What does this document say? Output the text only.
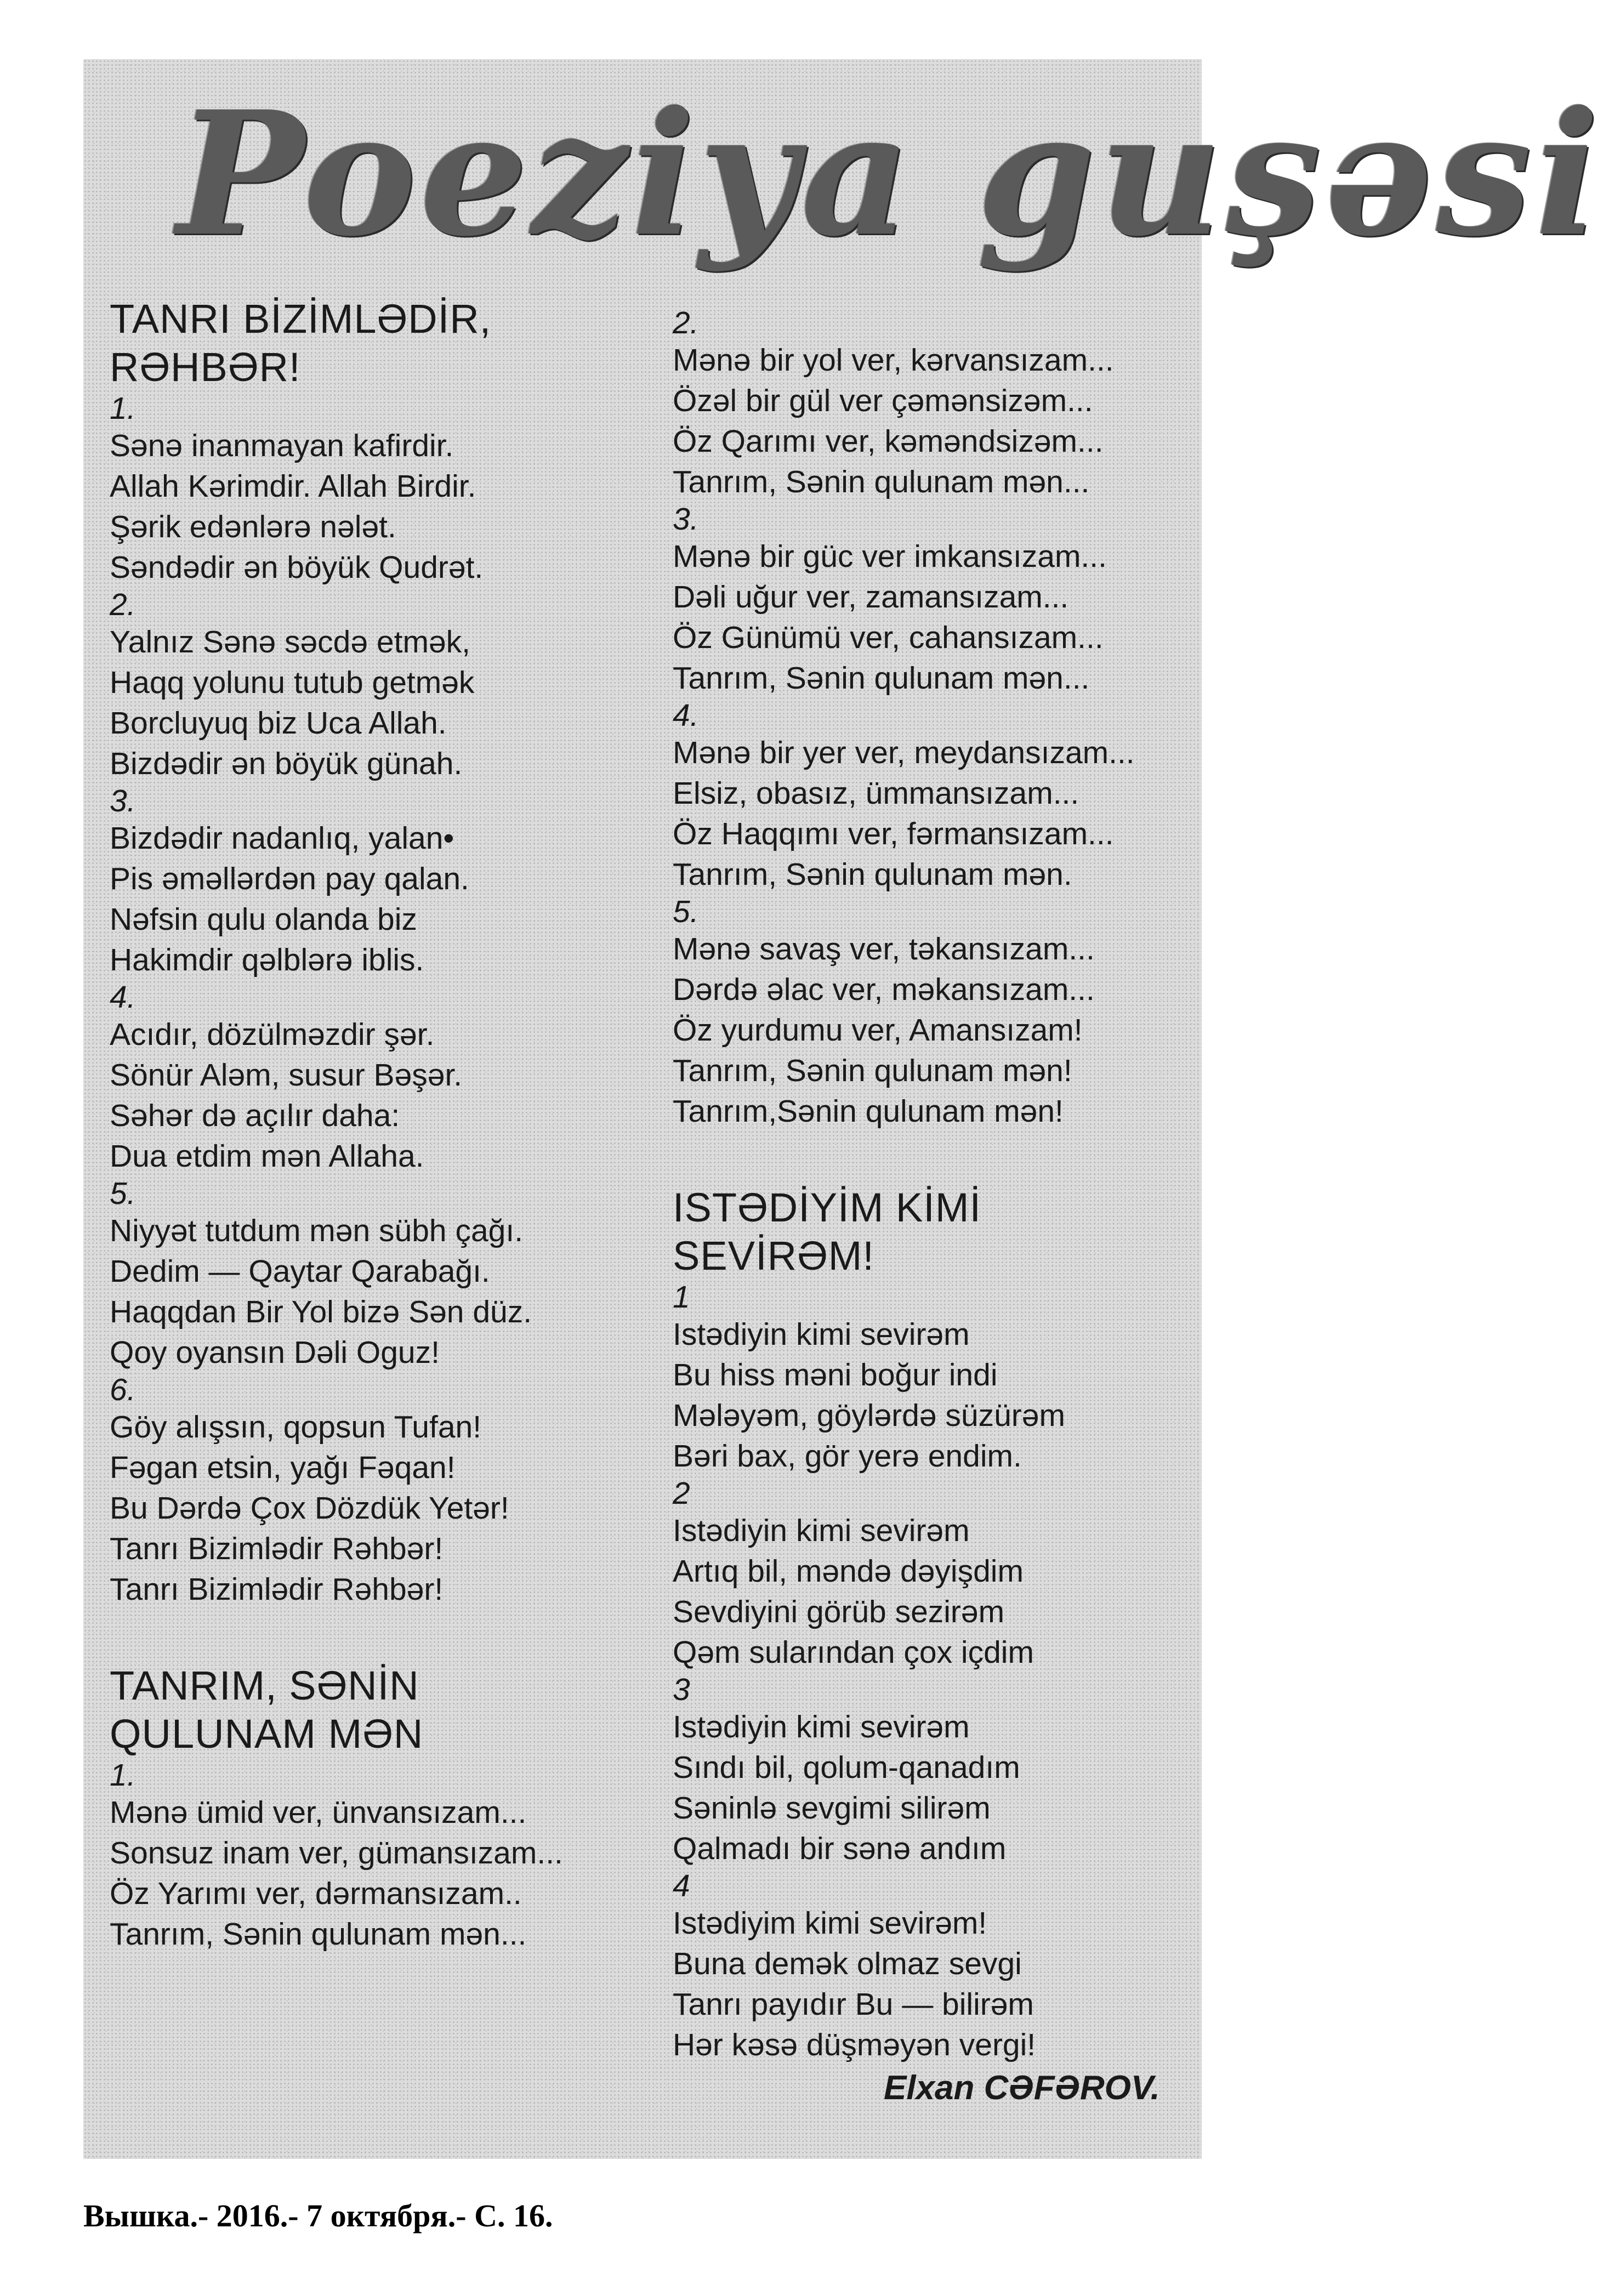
Poeziya guşəsi

TANRI BİZİMLƏDİR,

RƏHBƏR!

1.

Sənə inanmayan kafirdir.

Allah Kərimdir. Allah Birdir.

Şərik edənlərə nələt.

Səndədir ən böyük Qudrət.

2.

Yalnız Sənə səcdə etmək,

Haqq yolunu tutub getmək

Borcluyuq biz Uca Allah.

Bizdədir ən böyük günah.

3.

Bizdədir nadanlıq, yalan•

Pis əməllərdən pay qalan.

Nəfsin qulu olanda biz

Hakimdir qəlblərə iblis.

4.

Acıdır, dözülməzdir şər.

Sönür Aləm, susur Bəşər.

Səhər də açılır daha:

Dua etdim mən Allaha.

5.

Niyyət tutdum mən sübh çağı.

Dedim — Qaytar Qarabağı.

Haqqdan Bir Yol bizə Sən düz.

Qoy oyansın Dəli Oguz!

6.

Göy alışsın, qopsun Tufan!

Fəgan etsin, yağı Fəqan!

Bu Dərdə Çox Dözdük Yetər!

Tanrı Bizimlədir Rəhbər!

Tanrı Bizimlədir Rəhbər!

TANRIM, SƏNİN

QULUNAM MƏN

1.

Mənə ümid ver, ünvansızam...

Sonsuz inam ver, gümansızam...

Öz Yarımı ver, dərmansızam..

Tanrım, Sənin qulunam mən...

2.

Mənə bir yol ver, kərvansızam...

Özəl bir gül ver çəmənsizəm...

Öz Qarımı ver, kəməndsizəm...

Tanrım, Sənin qulunam mən...

3.

Mənə bir güc ver imkansızam...

Dəli uğur ver, zamansızam...

Öz Günümü ver, cahansızam...

Tanrım, Sənin qulunam mən...

4.

Mənə bir yer ver, meydansızam...

Elsiz, obasız, ümmansızam...

Öz Haqqımı ver, fərmansızam...

Tanrım, Sənin qulunam mən.

5.

Mənə savaş ver, təkansızam...

Dərdə əlac ver, məkansızam...

Öz yurdumu ver, Amansızam!

Tanrım, Sənin qulunam mən!

Tanrım,Sənin qulunam mən!

ISTƏDİYİM KİMİ

SEVİRƏM!

1

Istədiyin kimi sevirəm

Bu hiss məni boğur indi

Mələyəm, göylərdə süzürəm

Bəri bax, gör yerə endim.

2

Istədiyin kimi sevirəm

Artıq bil, məndə dəyişdim

Sevdiyini görüb sezirəm

Qəm sularından çox içdim

3

Istədiyin kimi sevirəm

Sındı bil, qolum-qanadım

Səninlə sevgimi silirəm

Qalmadı bir sənə andım

4

Istədiyim kimi sevirəm!

Buna demək olmaz sevgi

Tanrı payıdır Bu — bilirəm

Hər kəsə düşməyən vergi!

Elxan CƏFƏROV.
Вышка.- 2016.- 7 октября.- С. 16.
